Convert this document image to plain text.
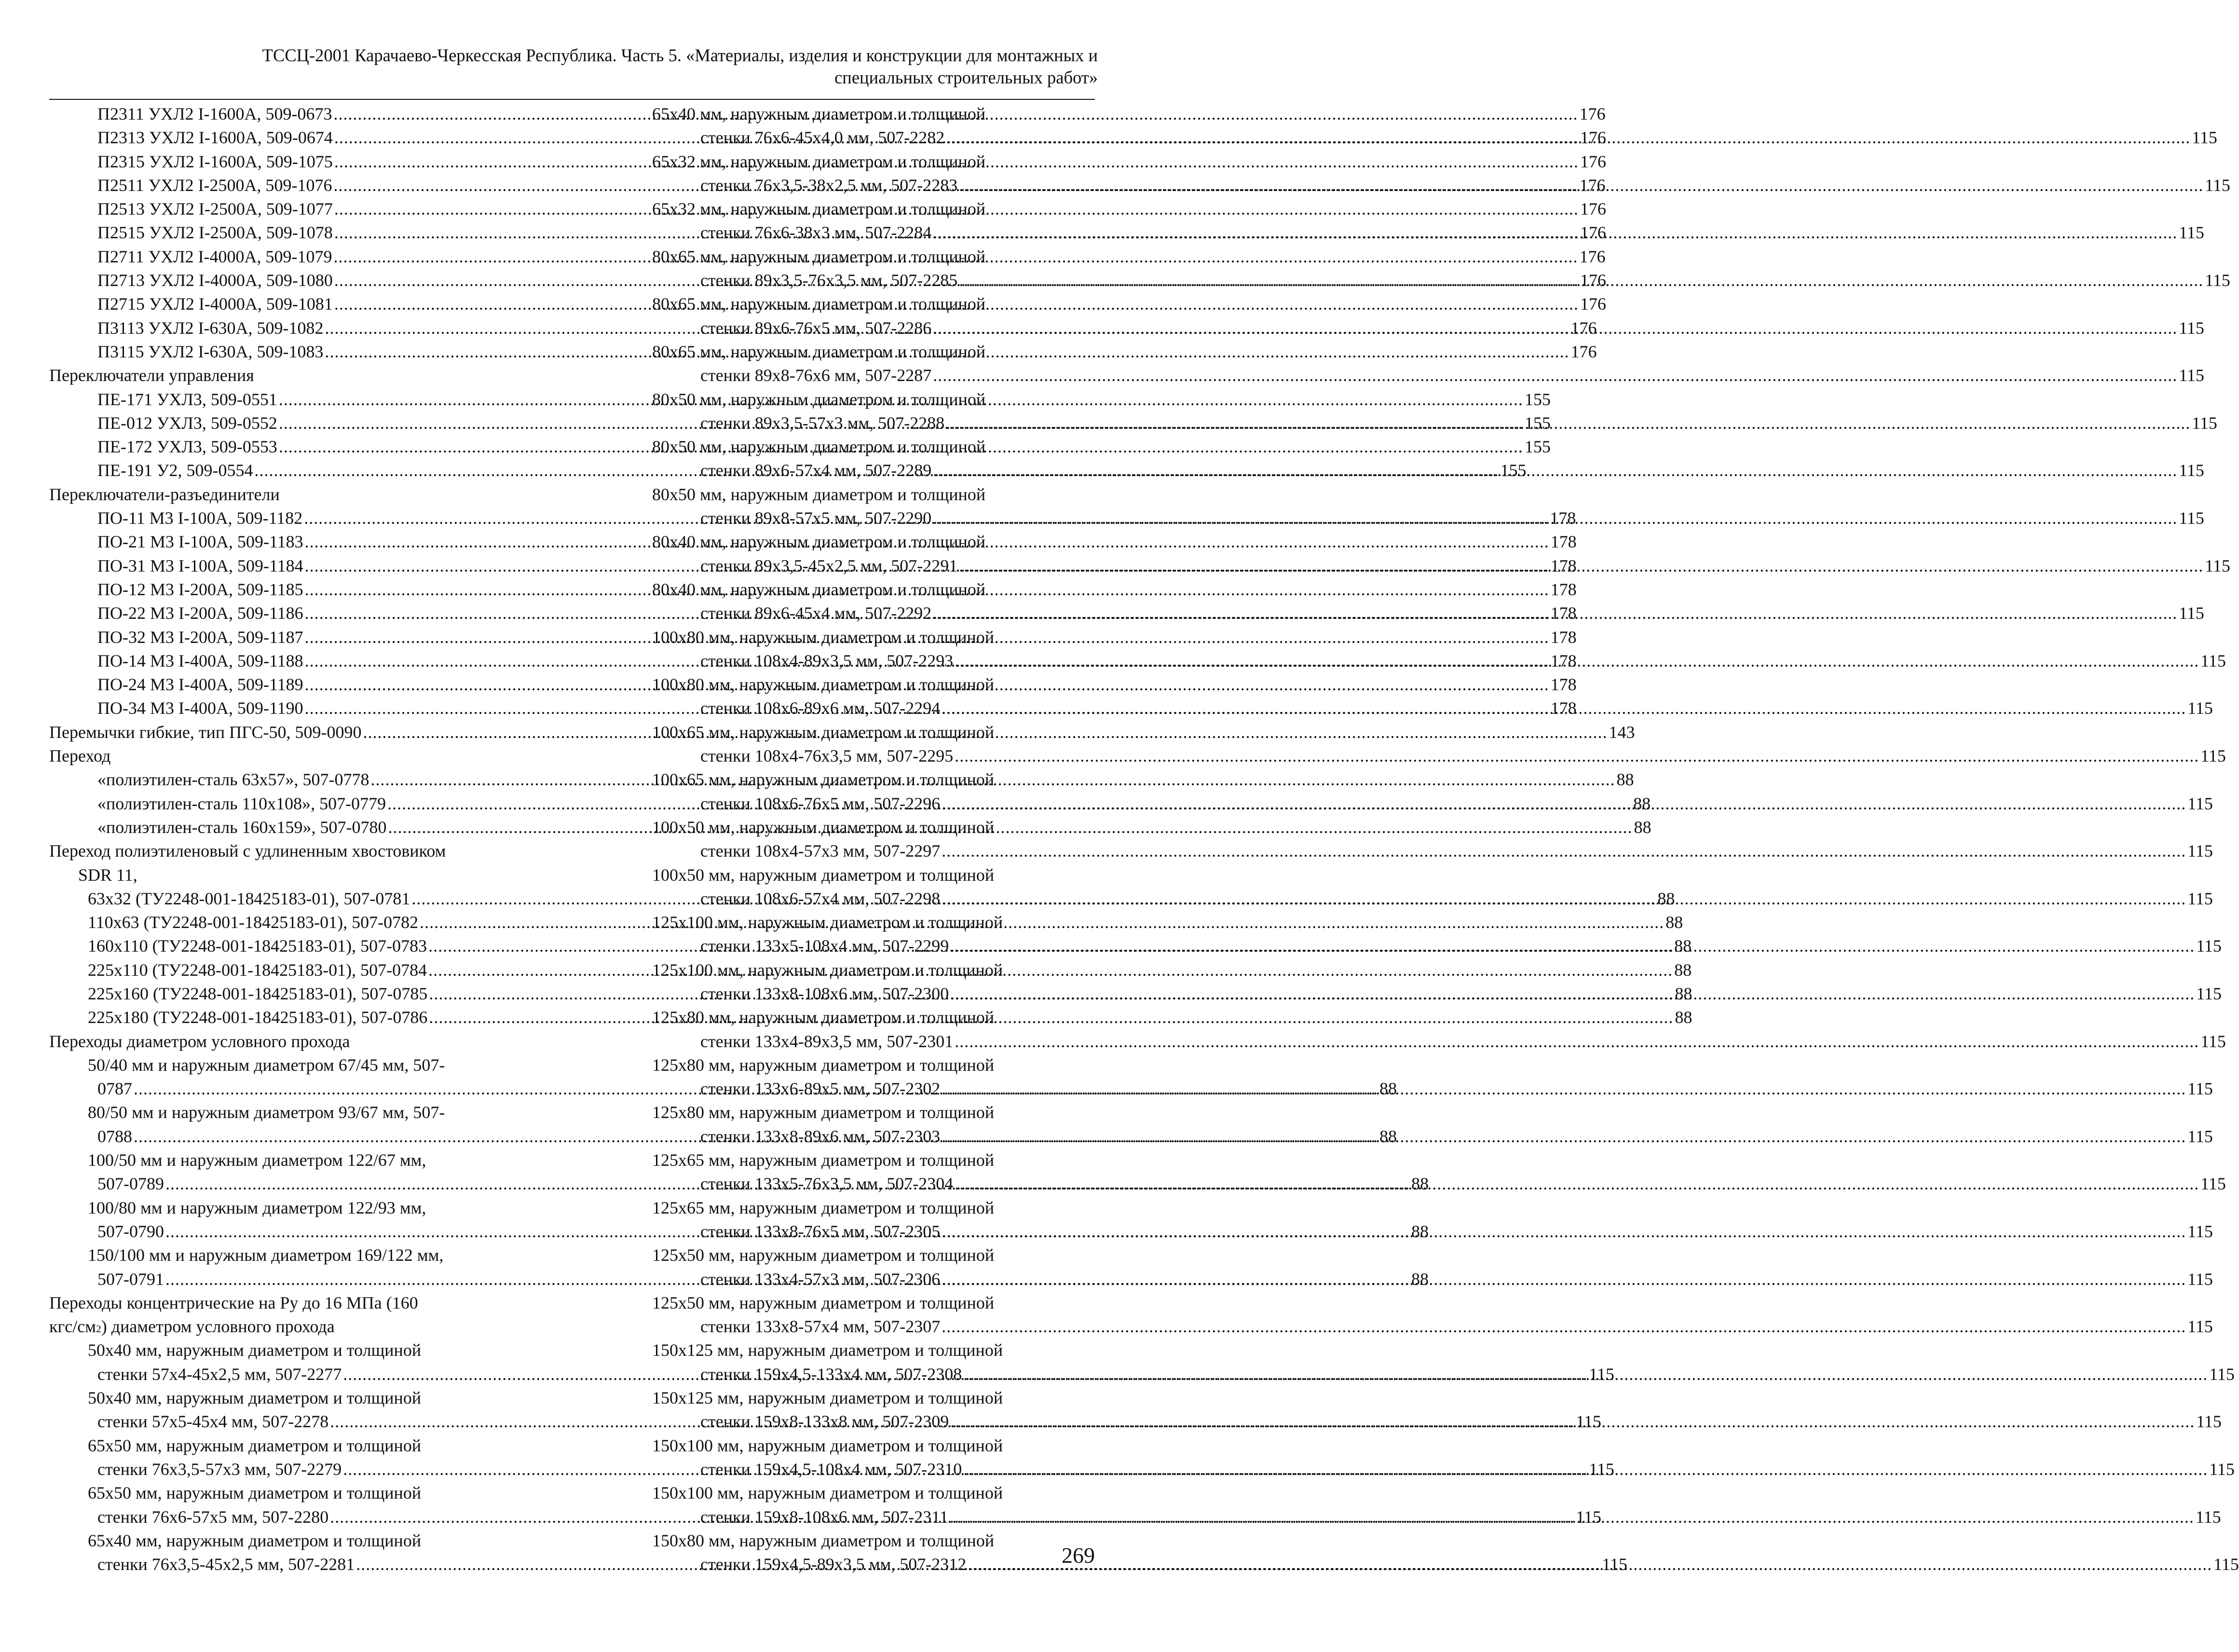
ТССЦ-2001 Карачаево-Черкесская Республика. Часть 5. «Материалы, изделия и конструкции для монтажных и
специальных строительных работ»
П2311 УХЛ2 I-1600А, 509-0673 .....	176
П2313 УХЛ2 I-1600А, 509-0674 .....	176
П2315 УХЛ2 I-1600А, 509-1075 .....	176
П2511 УХЛ2 I-2500А, 509-1076 .....	176
П2513 УХЛ2 I-2500А, 509-1077 .....	176
П2515 УХЛ2 I-2500А, 509-1078 .....	176
П2711 УХЛ2 I-4000А, 509-1079 .....	176
П2713 УХЛ2 I-4000А, 509-1080 .....	176
П2715 УХЛ2 I-4000А, 509-1081 .....	176
П3113 УХЛ2 I-630А, 509-1082 .....	176
П3115 УХЛ2 I-630А, 509-1083 .....	176
Переключатели управления
ПЕ-171 УХЛ3, 509-0551 .....	155
ПЕ-012 УХЛ3, 509-0552 .....	155
ПЕ-172 УХЛ3, 509-0553 .....	155
ПЕ-191 У2, 509-0554 .....	155
Переключатели-разъединители
ПО-11 М3 I-100А, 509-1182 .....	178
ПО-21 М3 I-100А, 509-1183 .....	178
ПО-31 М3 I-100А, 509-1184 .....	178
ПО-12 М3 I-200А, 509-1185 .....	178
ПО-22 М3 I-200А, 509-1186 .....	178
ПО-32 М3 I-200А, 509-1187 .....	178
ПО-14 М3 I-400А, 509-1188 .....	178
ПО-24 М3 I-400А, 509-1189 .....	178
ПО-34 М3 I-400А, 509-1190 .....	178
Перемычки гибкие, тип ПГС-50, 509-0090 .....	143
Переход
«полиэтилен-сталь 63х57», 507-0778 .....	88
«полиэтилен-сталь 110х108», 507-0779 .....	88
«полиэтилен-сталь 160х159», 507-0780 .....	88
Переход полиэтиленовый с удлиненным хвостовиком
SDR 11,
63х32 (ТУ2248-001-18425183-01), 507-0781 .....	88
110х63 (ТУ2248-001-18425183-01), 507-0782 .....	88
160х110 (ТУ2248-001-18425183-01), 507-0783 .....	88
225х110 (ТУ2248-001-18425183-01), 507-0784 .....	88
225х160 (ТУ2248-001-18425183-01), 507-0785 .....	88
225х180 (ТУ2248-001-18425183-01), 507-0786 .....	88
Переходы диаметром условного прохода
50/40 мм и наружным диаметром 67/45 мм, 507-
0787 .....	88
80/50 мм и наружным диаметром 93/67 мм, 507-
0788 .....	88
100/50 мм и наружным диаметром 122/67 мм,
507-0789 .....	88
100/80 мм и наружным диаметром 122/93 мм,
507-0790 .....	88
150/100 мм и наружным диаметром 169/122 мм,
507-0791 .....	88
Переходы концентрические на Ру до 16 МПа (160
кгс/см 2 ) диаметром условного прохода
50х40 мм, наружным диаметром и толщиной
стенки 57х4-45х2,5 мм, 507-2277 .....	115
50х40 мм, наружным диаметром и толщиной
стенки 57х5-45х4 мм, 507-2278 .....	115
65х50 мм, наружным диаметром и толщиной
стенки 76х3,5-57х3 мм, 507-2279 .....	115
65х50 мм, наружным диаметром и толщиной
стенки 76х6-57х5 мм, 507-2280 .....	115
65х40 мм, наружным диаметром и толщиной
стенки 76х3,5-45х2,5 мм, 507-2281 .....	115
65х40 мм, наружным диаметром и толщиной
стенки 76х6-45х4,0 мм, 507-2282 .....	115
65х32 мм, наружным диаметром и толщиной
стенки 76х3,5-38х2,5 мм, 507-2283 .....	115
65х32 мм, наружным диаметром и толщиной
стенки 76х6-38х3 мм, 507-2284 .....	115
80х65 мм, наружным диаметром и толщиной
стенки 89х3,5-76х3,5 мм, 507-2285 .....	115
80х65 мм, наружным диаметром и толщиной
стенки 89х6-76х5 мм, 507-2286 .....	115
80х65 мм, наружным диаметром и толщиной
стенки 89х8-76х6 мм, 507-2287 .....	115
80х50 мм, наружным диаметром и толщиной
стенки 89х3,5-57х3 мм, 507-2288 .....	115
80х50 мм, наружным диаметром и толщиной
стенки 89х6-57х4 мм, 507-2289 .....	115
80х50 мм, наружным диаметром и толщиной
стенки 89х8-57х5 мм, 507-2290 .....	115
80х40 мм, наружным диаметром и толщиной
стенки 89х3,5-45х2,5 мм, 507-2291 .....	115
80х40 мм, наружным диаметром и толщиной
стенки 89х6-45х4 мм, 507-2292 .....	115
100х80 мм, наружным диаметром и толщиной
стенки 108х4-89х3,5 мм, 507-2293 .....	115
100х80 мм, наружным диаметром и толщиной
стенки 108х6-89х6 мм, 507-2294 .....	115
100х65 мм, наружным диаметром и толщиной
стенки 108х4-76х3,5 мм, 507-2295 .....	115
100х65 мм, наружным диаметром и толщиной
стенки 108х6-76х5 мм, 507-2296 .....	115
100х50 мм, наружным диаметром и толщиной
стенки 108х4-57х3 мм, 507-2297 .....	115
100х50 мм, наружным диаметром и толщиной
стенки 108х6-57х4 мм, 507-2298 .....	115
125х100 мм, наружным диаметром и толщиной
стенки 133х5-108х4 мм, 507-2299 .....	115
125х100 мм, наружным диаметром и толщиной
стенки 133х8-108х6 мм, 507-2300 .....	115
125х80 мм, наружным диаметром и толщиной
стенки 133х4-89х3,5 мм, 507-2301 .....	115
125х80 мм, наружным диаметром и толщиной
стенки 133х6-89х5 мм, 507-2302 .....	115
125х80 мм, наружным диаметром и толщиной
стенки 133х8-89х6 мм, 507-2303 .....	115
125х65 мм, наружным диаметром и толщиной
стенки 133х5-76х3,5 мм, 507-2304 .....	115
125х65 мм, наружным диаметром и толщиной
стенки 133х8-76х5 мм, 507-2305 .....	115
125х50 мм, наружным диаметром и толщиной
стенки 133х4-57х3 мм, 507-2306 .....	115
125х50 мм, наружным диаметром и толщиной
стенки 133х8-57х4 мм, 507-2307 .....	115
150х125 мм, наружным диаметром и толщиной
стенки 159х4,5-133х4 мм, 507-2308 .....	115
150х125 мм, наружным диаметром и толщиной
стенки 159х8-133х8 мм, 507-2309 .....	115
150х100 мм, наружным диаметром и толщиной
стенки 159х4,5-108х4 мм, 507-2310 .....	115
150х100 мм, наружным диаметром и толщиной
стенки 159х8-108х6 мм, 507-2311 .....	115
150х80 мм, наружным диаметром и толщиной
стенки 159х4,5-89х3,5 мм, 507-2312 .....	115
269
